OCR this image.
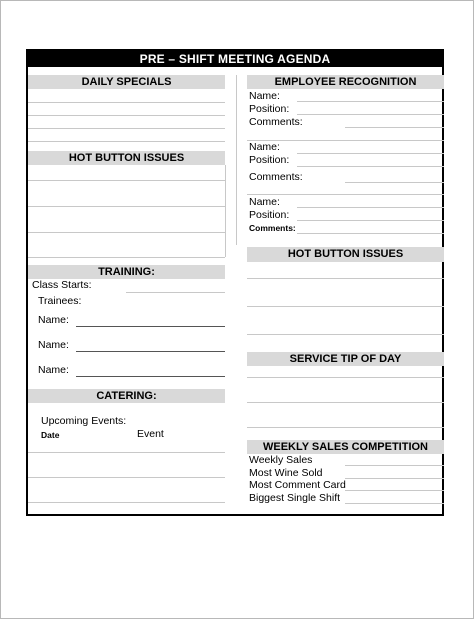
PRE – SHIFT MEETING AGENDA
DAILY SPECIALS
HOT BUTTON ISSUES
TRAINING:
Class Starts:
Trainees:
Name:
Name:
Name:
CATERING:
Upcoming Events:
Date	Event
EMPLOYEE RECOGNITION
Name:
Position:
Comments:
Name:
Position:
Comments:
Name:
Position:
Comments:
HOT BUTTON ISSUES
SERVICE TIP OF DAY
WEEKLY SALES COMPETITION
Weekly Sales
Most Wine Sold
Most Comment Card
Biggest Single Shift
